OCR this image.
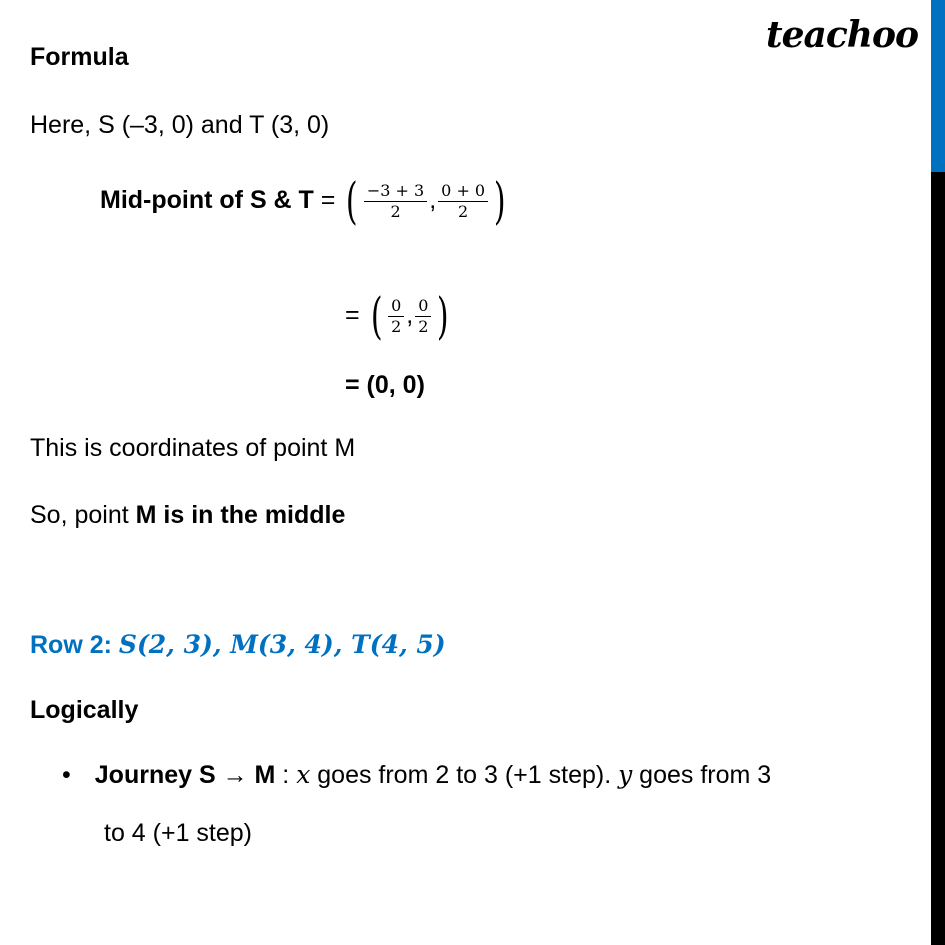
teachoo
Formula
Here, S (–3, 0) and T (3, 0)
Mid-point of S & T = ( $\frac{-3 + 3}{2}$ , $\frac{0 + 0}{2}$ )
= ( $\frac{0}{2}$ , $\frac{0}{2}$ )
= (0, 0)
This is coordinates of point M
So, point M is in the middle
Row 2: S(2, 3), M(3, 4), T(4, 5)
Logically
• Journey S → M : x goes from 2 to 3 (+1 step). y goes from 3
to 4 (+1 step)
